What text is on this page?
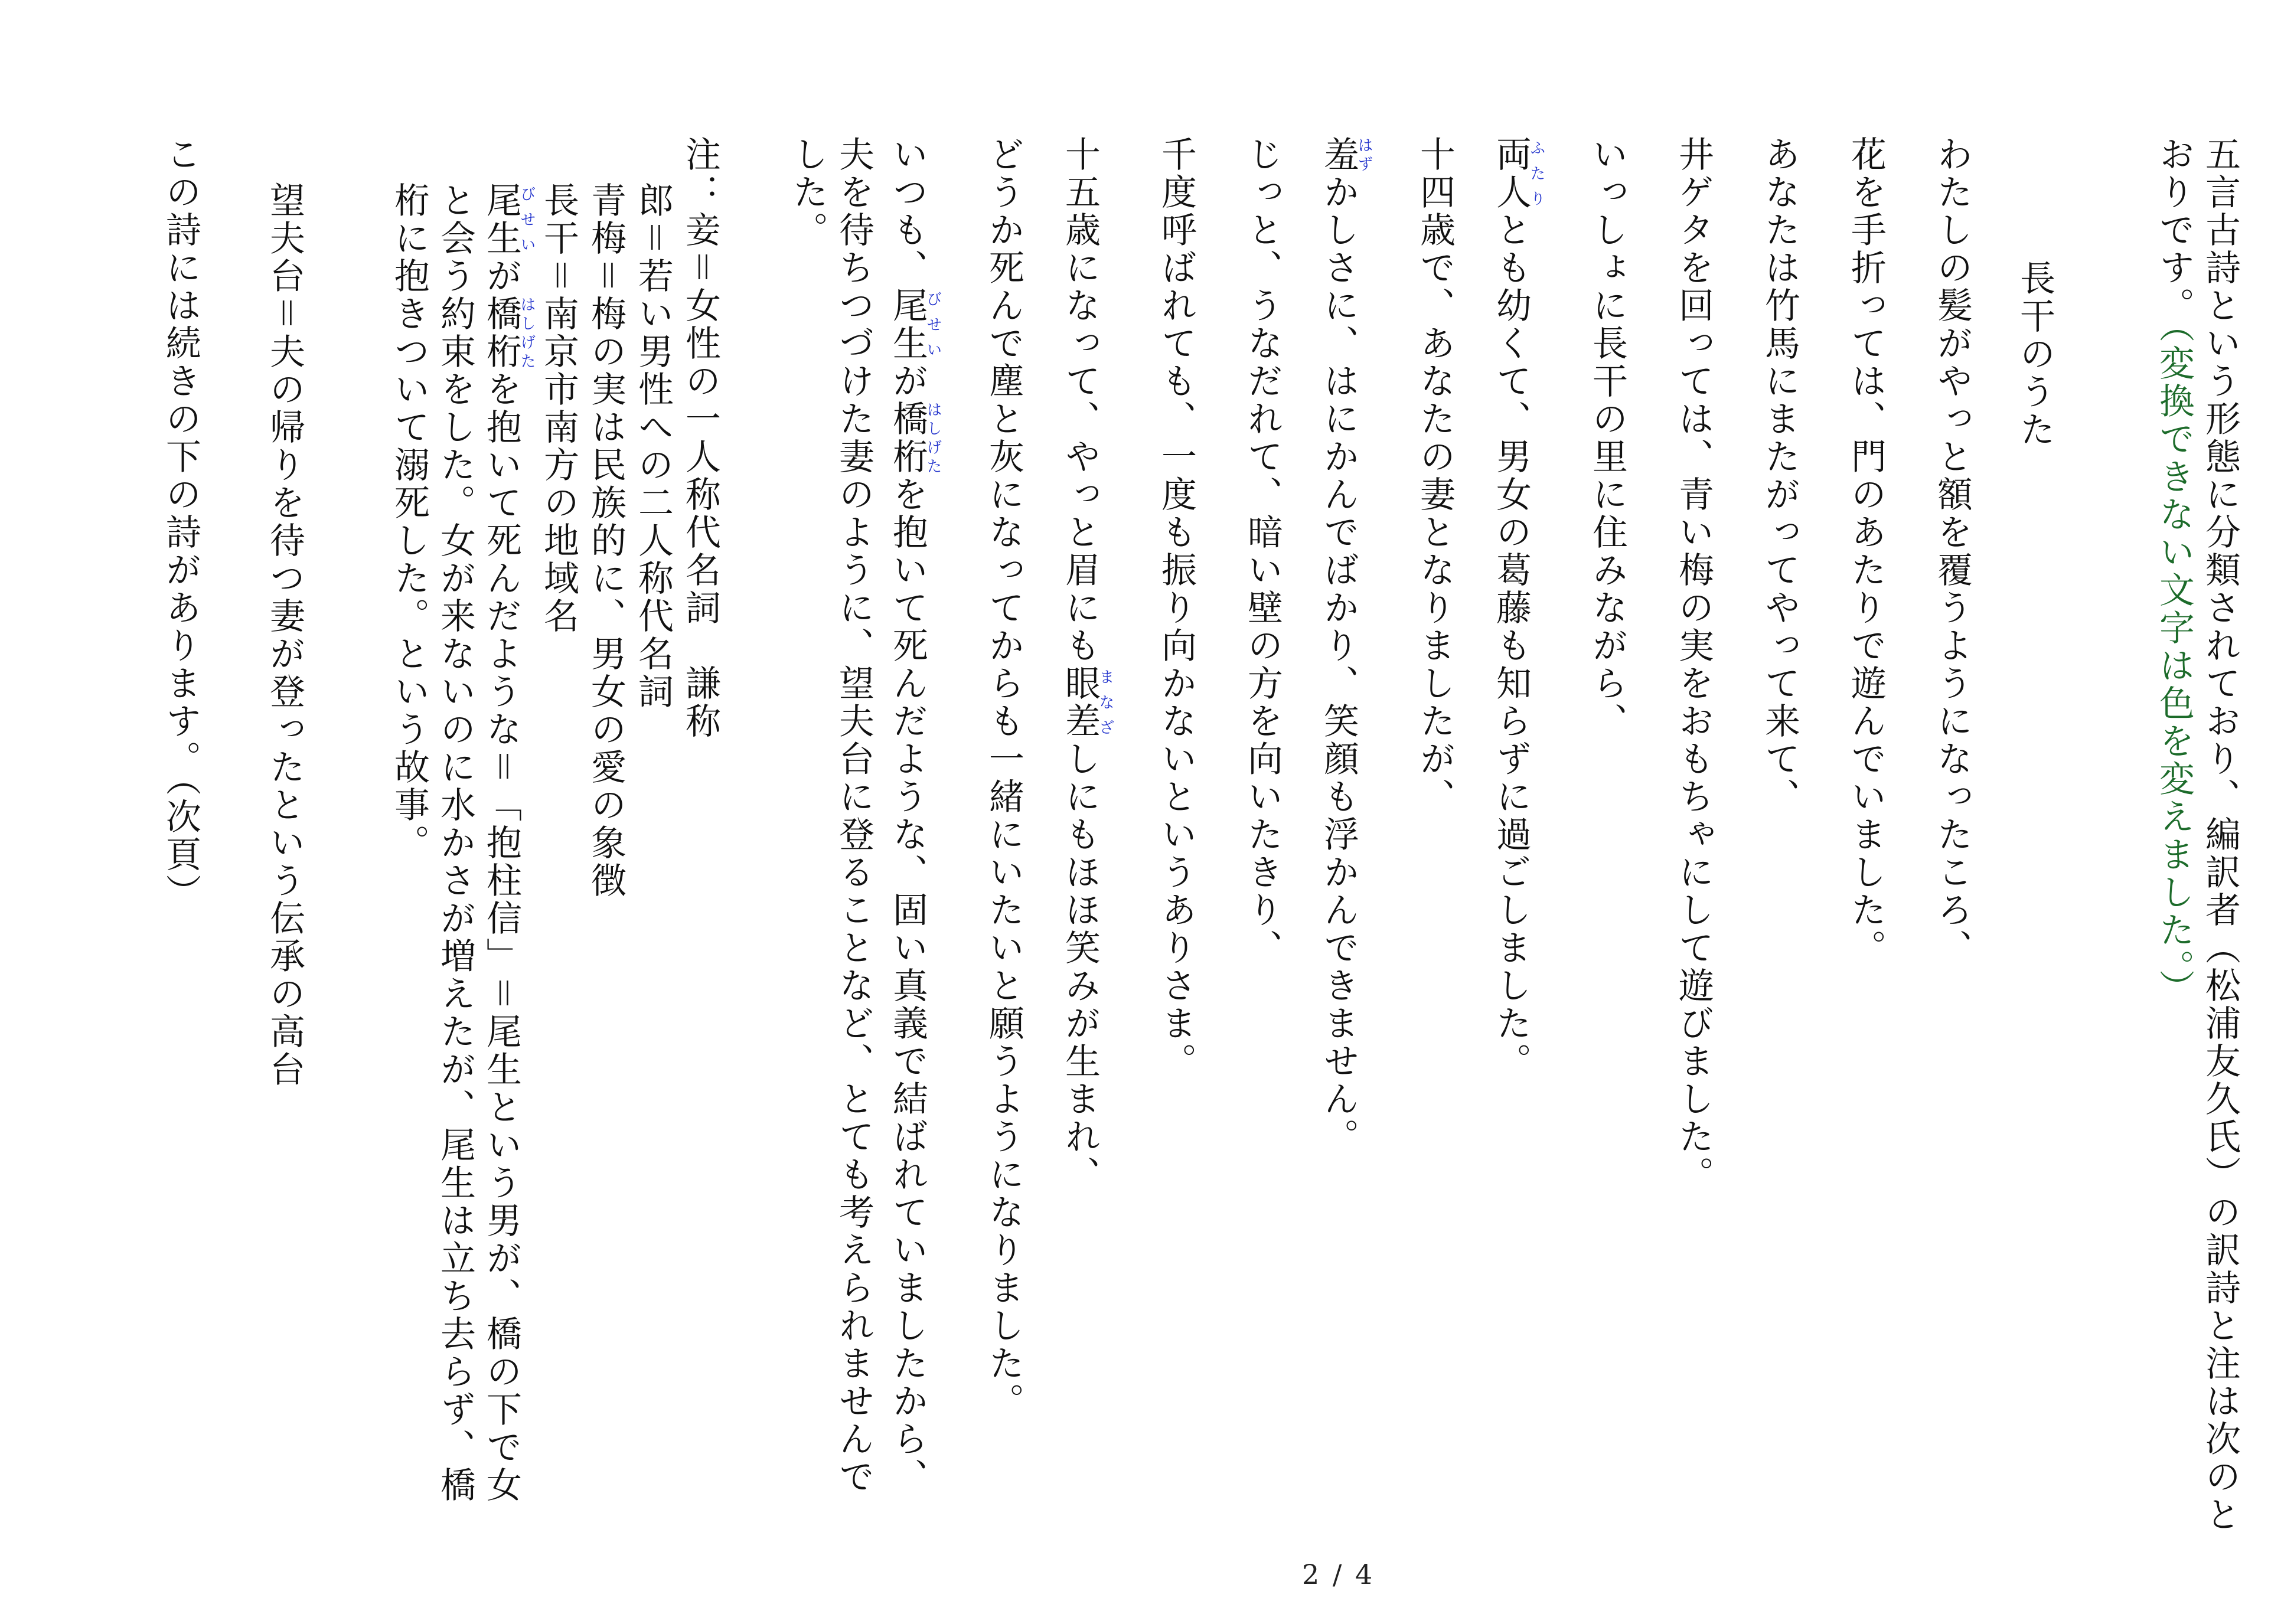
五言古詩という形態に分類されており、編訳者（松浦友久氏）の訳詩と注は次のとおりです。（変換できない文字は色を変えました。）
長干のうた
わたしの髪がやっと額を覆うようになったころ、
花を手折っては、門のあたりで遊んでいました。
あなたは竹馬にまたがってやって来て、
井ゲタを回っては、青い梅の実をおもちゃにして遊びました。
いっしょに長干の里に住みながら、
両人ふたりとも幼くて、男女の葛藤も知らずに過ごしました。
十四歳で、あなたの妻となりましたが、
羞はずかしさに、はにかんでばかり、笑顔も浮かんできません。
じっと、うなだれて、暗い壁の方を向いたきり、
千度呼ばれても、一度も振り向かないというありさま。
十五歳になって、やっと眉にも眼差まなざしにもほほ笑みが生まれ、
どうか死んで塵と灰になってからも一緒にいたいと願うようになりました。
いつも、尾生びせいが橋桁はしげたを抱いて死んだような、固い真義で結ばれていましたから、
夫を待ちつづけた妻のように、望夫台に登ることなど、とても考えられませんでした。
注：妾＝女性の一人称代名詞　謙称
郎＝若い男性への二人称代名詞
青梅＝梅の実は民族的に、男女の愛の象徴
長干＝南京市南方の地域名
尾生びせいが橋桁はしげたを抱いて死んだような＝「抱柱信」＝尾生という男が、橋の下で女と会う約束をした。女が来ないのに水かさが増えたが、尾生は立ち去らず、橋桁に抱きついて溺死した。という故事。
望夫台＝夫の帰りを待つ妻が登ったという伝承の高台
この詩には続きの下の詩があります。（次頁）
2 / 4
